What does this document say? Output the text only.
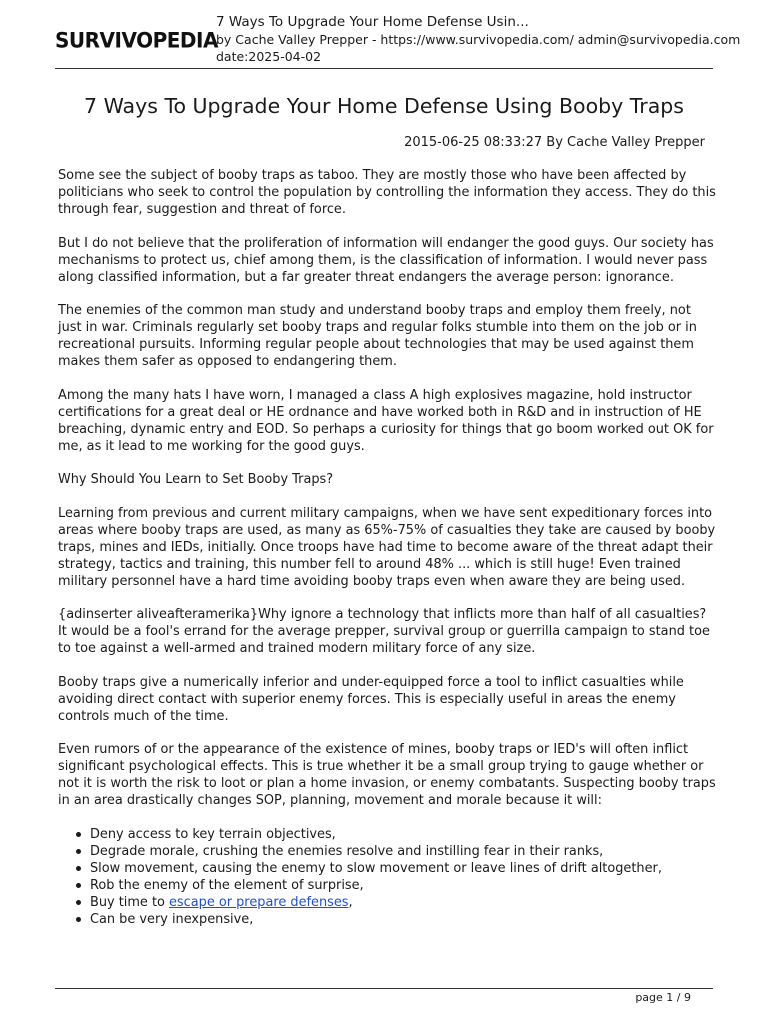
SURVIVOPEDIA
7 Ways To Upgrade Your Home Defense Usin...
by Cache Valley Prepper - https://www.survivopedia.com/ admin@survivopedia.com
date:2025-04-02
7 Ways To Upgrade Your Home Defense Using Booby Traps
2015-06-25 08:33:27 By Cache Valley Prepper

Some see the subject of booby traps as taboo. They are mostly those who have been affected by politicians who seek to control the population by controlling the information they access. They do this through fear, suggestion and threat of force.

But I do not believe that the proliferation of information will endanger the good guys. Our society has mechanisms to protect us, chief among them, is the classification of information. I would never pass along classified information, but a far greater threat endangers the average person: ignorance.

The enemies of the common man study and understand booby traps and employ them freely, not just in war. Criminals regularly set booby traps and regular folks stumble into them on the job or in recreational pursuits. Informing regular people about technologies that may be used against them makes them safer as opposed to endangering them.

Among the many hats I have worn, I managed a class A high explosives magazine, hold instructor certifications for a great deal or HE ordnance and have worked both in R&D and in instruction of HE breaching, dynamic entry and EOD. So perhaps a curiosity for things that go boom worked out OK for me, as it lead to me working for the good guys.

Why Should You Learn to Set Booby Traps?

Learning from previous and current military campaigns, when we have sent expeditionary forces into areas where booby traps are used, as many as 65%-75% of casualties they take are caused by booby traps, mines and IEDs, initially. Once troops have had time to become aware of the threat adapt their strategy, tactics and training, this number fell to around 48% ... which is still huge! Even trained military personnel have a hard time avoiding booby traps even when aware they are being used.

{adinserter aliveafteramerika}Why ignore a technology that inflicts more than half of all casualties? It would be a fool's errand for the average prepper, survival group or guerrilla campaign to stand toe to toe against a well-armed and trained modern military force of any size.

Booby traps give a numerically inferior and under-equipped force a tool to inflict casualties while avoiding direct contact with superior enemy forces. This is especially useful in areas the enemy controls much of the time.

Even rumors of or the appearance of the existence of mines, booby traps or IED's will often inflict significant psychological effects. This is true whether it be a small group trying to gauge whether or not it is worth the risk to loot or plan a home invasion, or enemy combatants. Suspecting booby traps in an area drastically changes SOP, planning, movement and morale because it will:

Deny access to key terrain objectives,
Degrade morale, crushing the enemies resolve and instilling fear in their ranks,
Slow movement, causing the enemy to slow movement or leave lines of drift altogether,
Rob the enemy of the element of surprise,
Buy time to escape or prepare defenses,
Can be very inexpensive,
page 1 / 9
